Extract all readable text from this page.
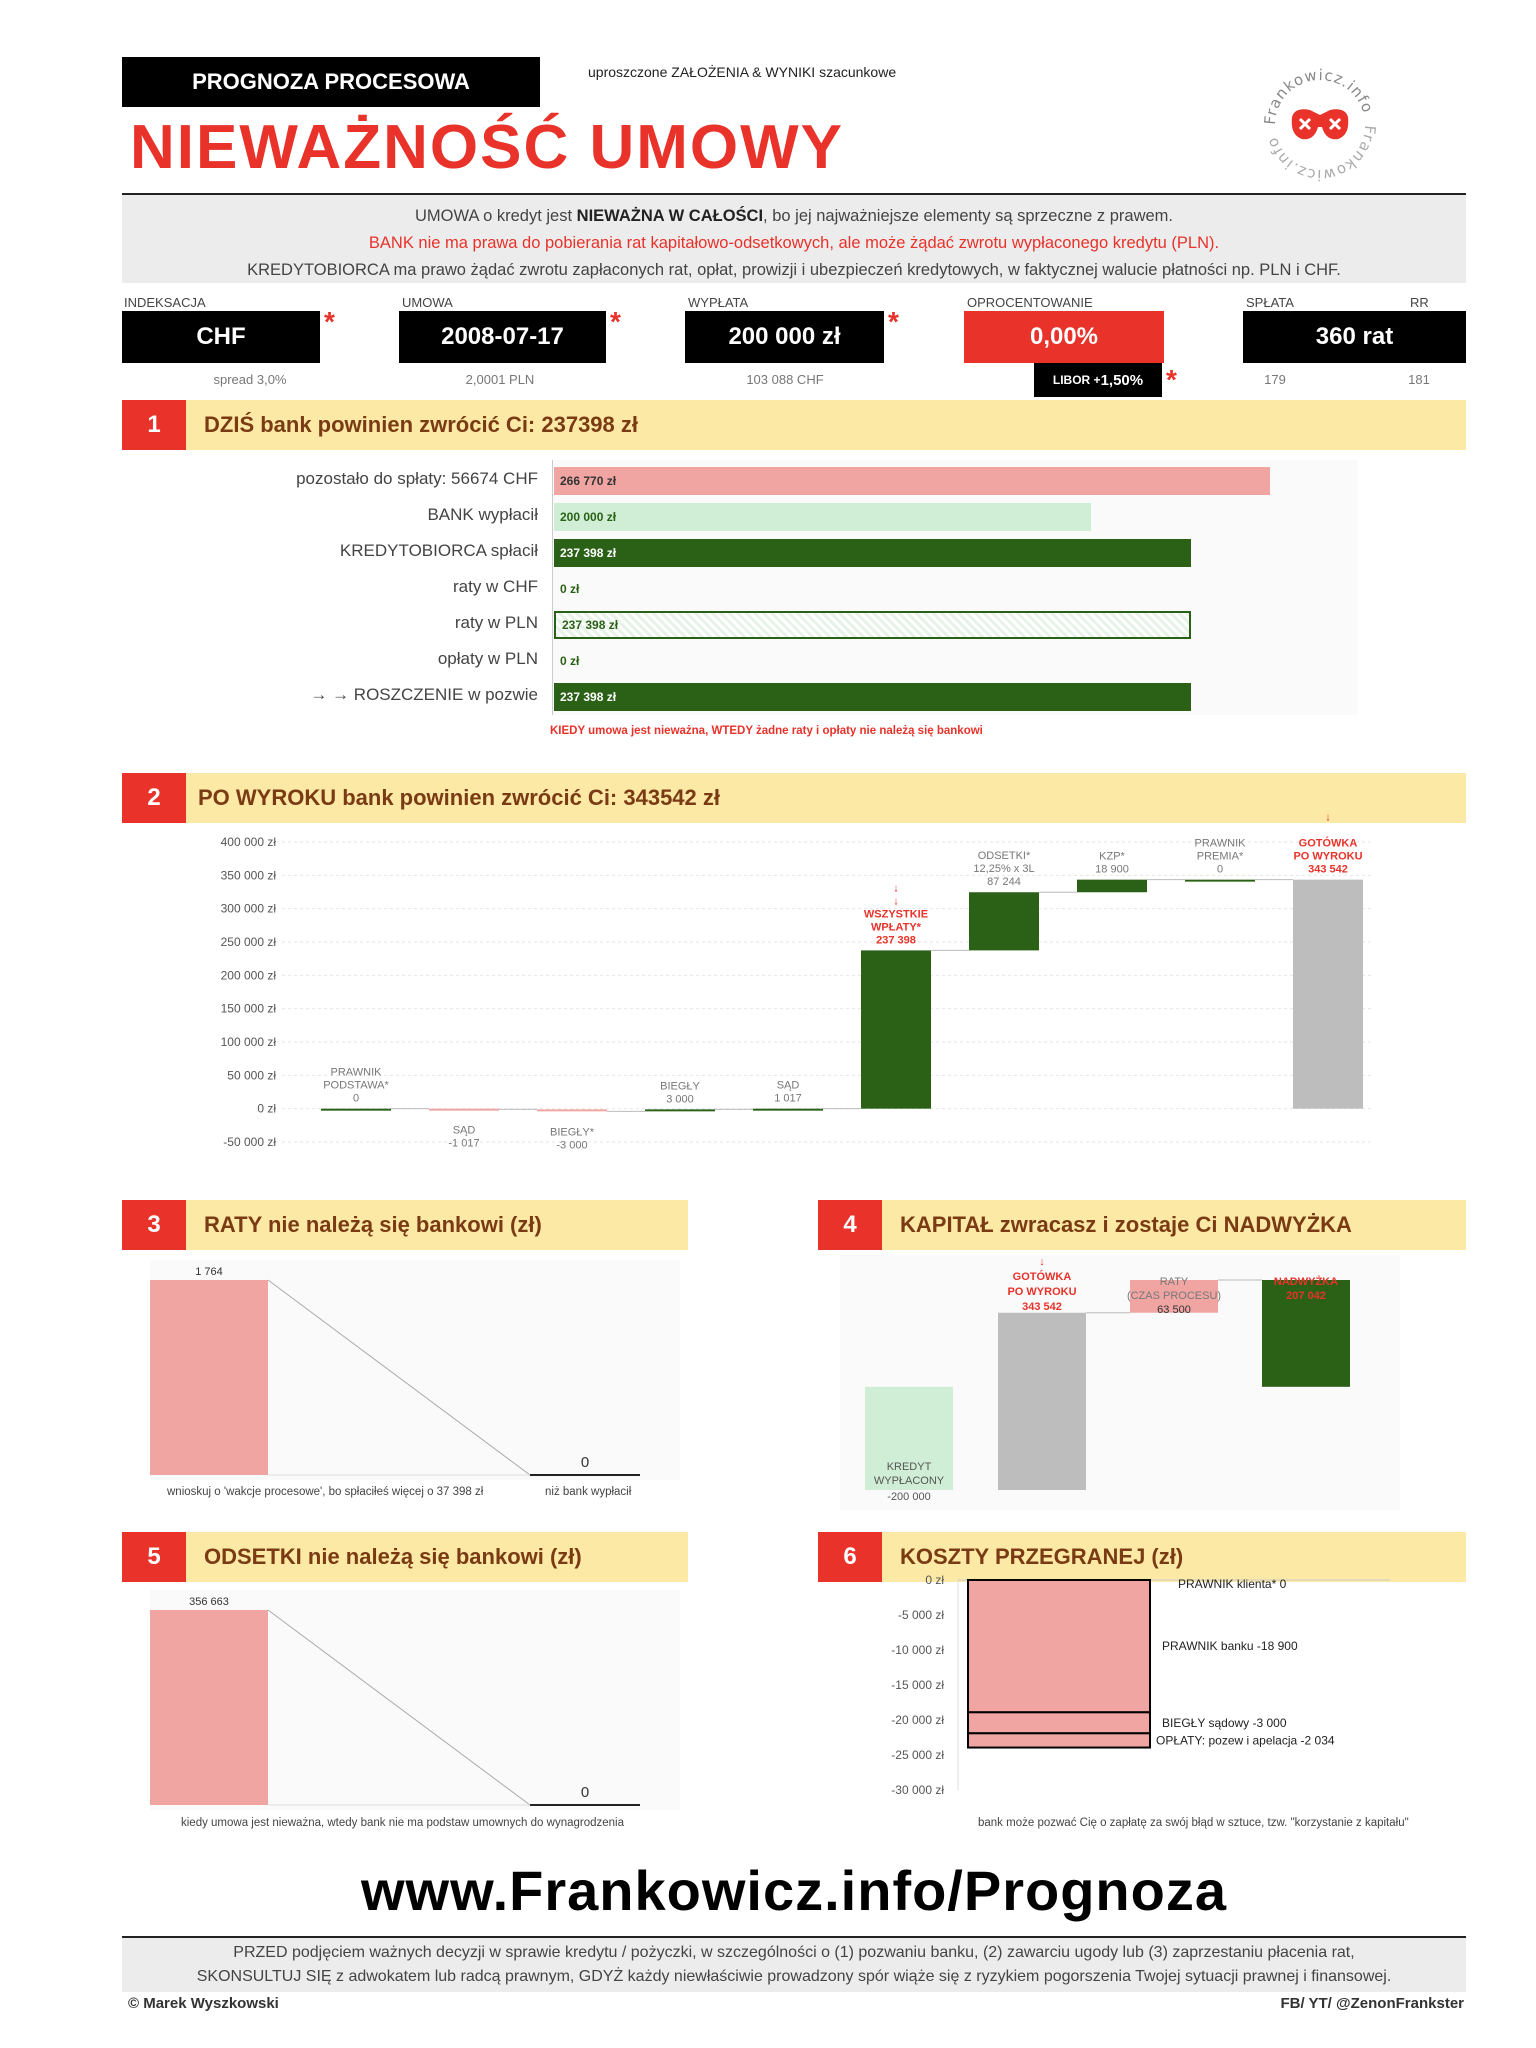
PROGNOZA PROCESOWA	uproszczone ZAŁOŻENIA & WYNIKI szacunkowe
NIEWAŻNOŚĆ UMOWY	Frankowicz.info
Frankowicz.info
UMOWA o kredyt jest NIEWAŻNA W CAŁOŚCI, bo jej najważniejsze elementy są sprzeczne z prawem.
BANK nie ma prawa do pobierania rat kapitałowo-odsetkowych, ale może żądać zwrotu wypłaconego kredytu (PLN).
KREDYTOBIORCA ma prawo żądać zwrotu zapłaconych rat, opłat, prowizji i ubezpieczeń kredytowych, w faktycznej walucie płatności np. PLN i CHF.
INDEKSACJA	UMOWA	WYPŁATA	OPROCENTOWANIE	SPŁATA	RR
CHF	*	2008-07-17	*	200 000 zł	*	0,00%	360 rat
spread 3,0%	2,0001 PLN	103 088 CHF	LIBOR + 1,50% *	179	181
1	DZIŚ bank powinien zwrócić Ci: 237398 zł
pozostało do spłaty: 56674 CHF	266 770 zł
BANK wypłacił	200 000 zł
KREDYTOBIORCA spłacił	237 398 zł
raty w CHF	0 zł
raty w PLN	237 398 zł
opłaty w PLN	0 zł
→ → ROSZCZENIE w pozwie	237 398 zł
KIEDY umowa jest nieważna, WTEDY żadne raty i opłaty nie należą się bankowi
2	PO WYROKU bank powinien zwrócić Ci: 343542 zł
400 000 zł
350 000 zł
300 000 zł
250 000 zł
200 000 zł
150 000 zł
100 000 zł
50 000 zł
0 zł
-50 000 zł
PRAWNIK
PODSTAWA*
0
SĄD
-1 017
BIEGŁY*
-3 000
BIEGŁY
3 000
SĄD
1 017
↓
↓
WSZYSTKIE
WPŁATY*
237 398
ODSETKI*
12,25% x 3L
87 244
KZP*
18 900
PRAWNIK
PREMIA*
0
↓
GOTÓWKA
PO WYROKU
343 542
3	RATY nie należą się bankowi (zł)
1 764
0
wnioskuj o 'wakcje procesowe', bo spłaciłeś więcej o 37 398 zł	niż bank wypłacił
4	KAPITAŁ zwracasz i zostaje Ci NADWYŻKA
KREDYT
WYPŁACONY
-200 000
↓
GOTÓWKA
PO WYROKU
343 542
RATY
(CZAS PROCESU)
63 500
NADWYŻKA
207 042
5	ODSETKI nie należą się bankowi (zł)
356 663
0
kiedy umowa jest nieważna, wtedy bank nie ma podstaw umownych do wynagrodzenia
6	KOSZTY PRZEGRANEJ (zł)
0 zł
-5 000 zł
-10 000 zł
-15 000 zł
-20 000 zł
-25 000 zł
-30 000 zł
PRAWNIK klienta* 0
PRAWNIK banku -18 900
BIEGŁY sądowy -3 000
OPŁATY: pozew i apelacja -2 034
bank może pozwać Cię o zapłatę za swój błąd w sztuce, tzw. "korzystanie z kapitału"
www.Frankowicz.info/Prognoza
PRZED podjęciem ważnych decyzji w sprawie kredytu / pożyczki, w szczególności o (1) pozwaniu banku, (2) zawarciu ugody lub (3) zaprzestaniu płacenia rat,
SKONSULTUJ SIĘ z adwokatem lub radcą prawnym, GDYŻ każdy niewłaściwie prowadzony spór wiąże się z ryzykiem pogorszenia Twojej sytuacji prawnej i finansowej.
© Marek Wyszkowski	FB/ YT/ @ZenonFrankster
